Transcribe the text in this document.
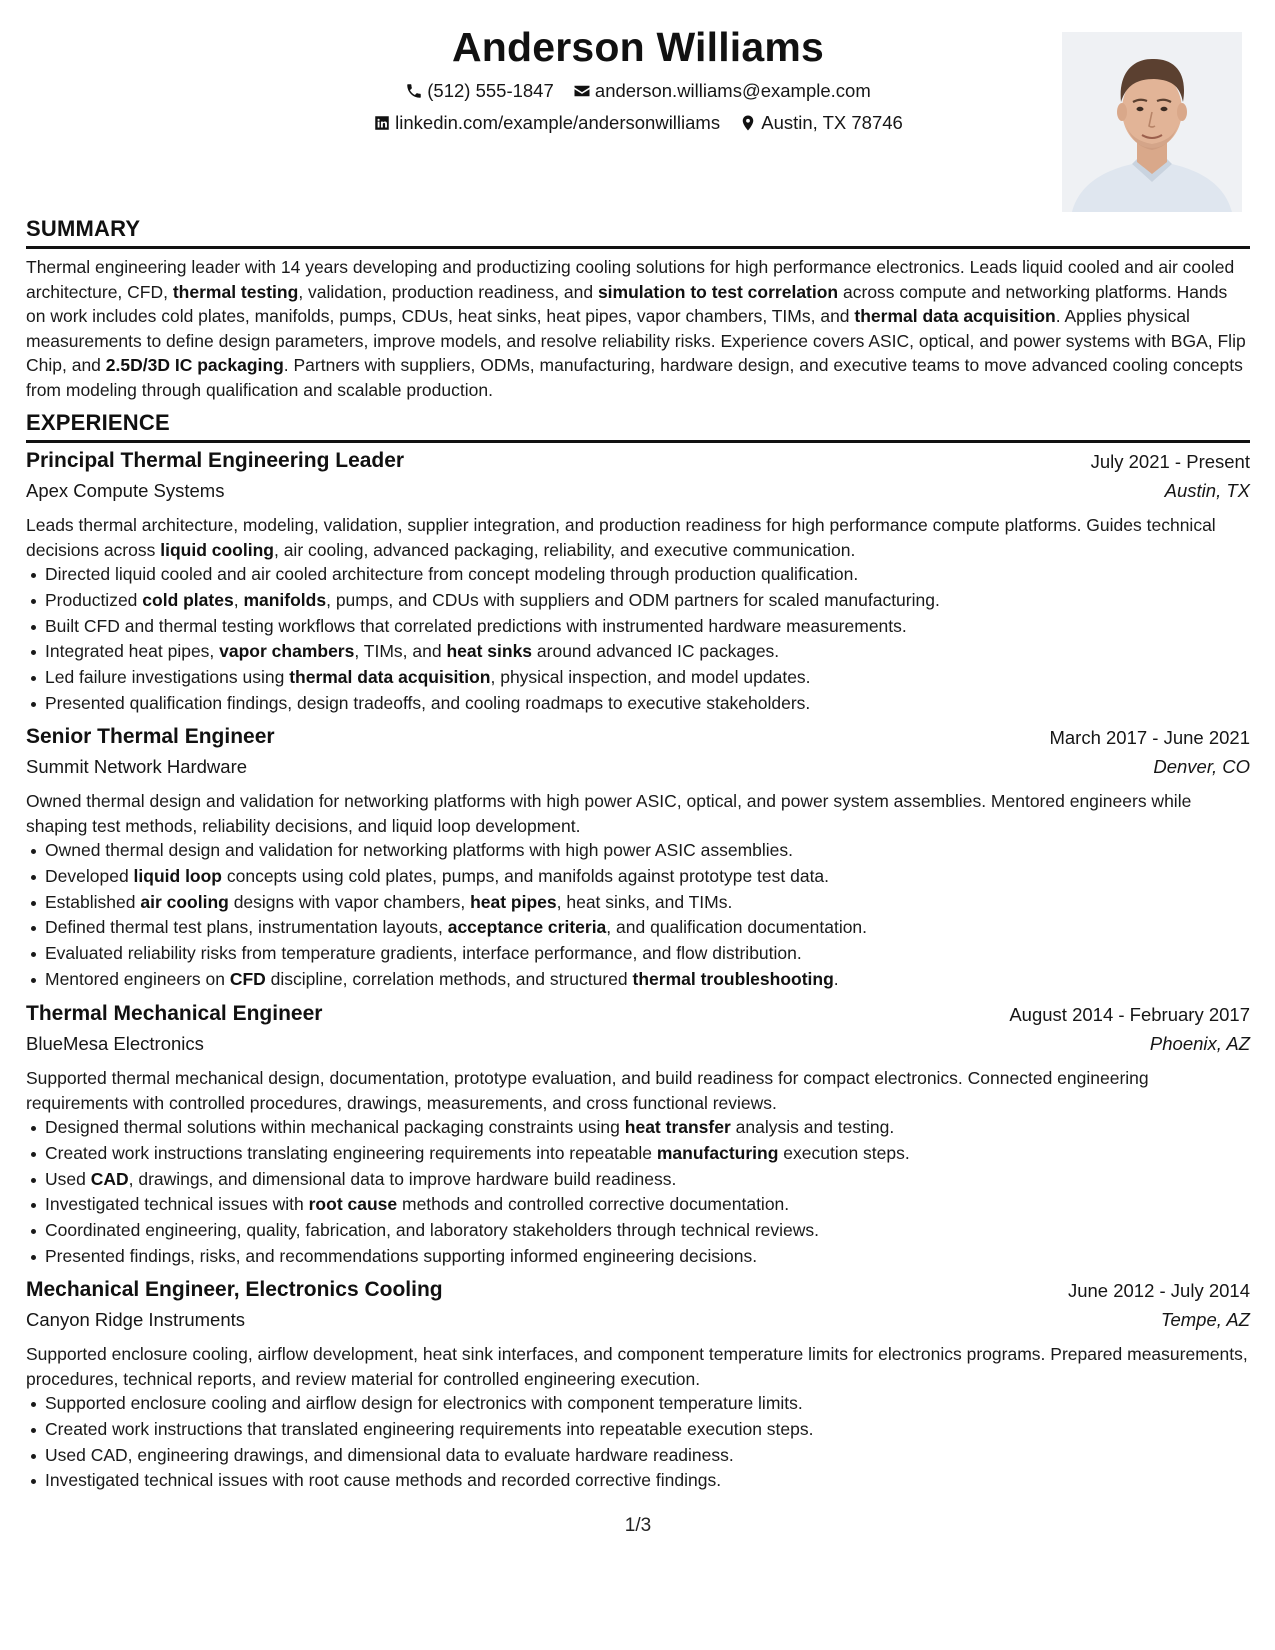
Anderson Williams
(512) 555-1847 anderson.williams@example.com
linkedin.com/example/andersonwilliams Austin, TX 78746
SUMMARY

Thermal engineering leader with 14 years developing and productizing cooling solutions for high performance electronics. Leads liquid cooled and air cooled architecture, CFD, thermal testing, validation, production readiness, and simulation to test correlation across compute and networking platforms. Hands on work includes cold plates, manifolds, pumps, CDUs, heat sinks, heat pipes, vapor chambers, TIMs, and thermal data acquisition. Applies physical measurements to define design parameters, improve models, and resolve reliability risks. Experience covers ASIC, optical, and power systems with BGA, Flip Chip, and 2.5D/3D IC packaging. Partners with suppliers, ODMs, manufacturing, hardware design, and executive teams to move advanced cooling concepts from modeling through qualification and scalable production.

EXPERIENCE
Principal Thermal Engineering Leader	July 2021 - Present
Apex Compute Systems	Austin, TX

Leads thermal architecture, modeling, validation, supplier integration, and production readiness for high performance compute platforms. Guides technical decisions across liquid cooling, air cooling, advanced packaging, reliability, and executive communication.

Directed liquid cooled and air cooled architecture from concept modeling through production qualification.
Productized cold plates, manifolds, pumps, and CDUs with suppliers and ODM partners for scaled manufacturing.
Built CFD and thermal testing workflows that correlated predictions with instrumented hardware measurements.
Integrated heat pipes, vapor chambers, TIMs, and heat sinks around advanced IC packages.
Led failure investigations using thermal data acquisition, physical inspection, and model updates.
Presented qualification findings, design tradeoffs, and cooling roadmaps to executive stakeholders.
Senior Thermal Engineer	March 2017 - June 2021
Summit Network Hardware	Denver, CO

Owned thermal design and validation for networking platforms with high power ASIC, optical, and power system assemblies. Mentored engineers while shaping test methods, reliability decisions, and liquid loop development.

Owned thermal design and validation for networking platforms with high power ASIC assemblies.
Developed liquid loop concepts using cold plates, pumps, and manifolds against prototype test data.
Established air cooling designs with vapor chambers, heat pipes, heat sinks, and TIMs.
Defined thermal test plans, instrumentation layouts, acceptance criteria, and qualification documentation.
Evaluated reliability risks from temperature gradients, interface performance, and flow distribution.
Mentored engineers on CFD discipline, correlation methods, and structured thermal troubleshooting.
Thermal Mechanical Engineer	August 2014 - February 2017
BlueMesa Electronics	Phoenix, AZ

Supported thermal mechanical design, documentation, prototype evaluation, and build readiness for compact electronics. Connected engineering requirements with controlled procedures, drawings, measurements, and cross functional reviews.

Designed thermal solutions within mechanical packaging constraints using heat transfer analysis and testing.
Created work instructions translating engineering requirements into repeatable manufacturing execution steps.
Used CAD, drawings, and dimensional data to improve hardware build readiness.
Investigated technical issues with root cause methods and controlled corrective documentation.
Coordinated engineering, quality, fabrication, and laboratory stakeholders through technical reviews.
Presented findings, risks, and recommendations supporting informed engineering decisions.
Mechanical Engineer, Electronics Cooling	June 2012 - July 2014
Canyon Ridge Instruments	Tempe, AZ

Supported enclosure cooling, airflow development, heat sink interfaces, and component temperature limits for electronics programs. Prepared measurements, procedures, technical reports, and review material for controlled engineering execution.

Supported enclosure cooling and airflow design for electronics with component temperature limits.
Created work instructions that translated engineering requirements into repeatable execution steps.
Used CAD, engineering drawings, and dimensional data to evaluate hardware readiness.
Investigated technical issues with root cause methods and recorded corrective findings.
1/3
